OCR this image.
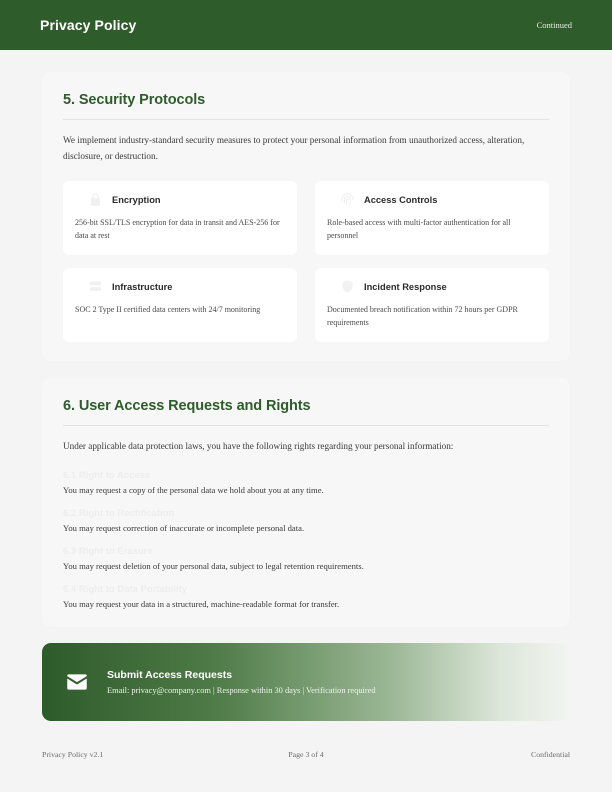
Privacy Policy	Continued
5. Security Protocols
We implement industry-standard security measures to protect your personal information from unauthorized access, alteration, disclosure, or destruction.
Encryption
256-bit SSL/TLS encryption for data in transit and AES-256 for data at rest
Access Controls
Role-based access with multi-factor authentication for all personnel
Infrastructure
SOC 2 Type II certified data centers with 24/7 monitoring
Incident Response
Documented breach notification within 72 hours per GDPR requirements
6. User Access Requests and Rights
Under applicable data protection laws, you have the following rights regarding your personal information:
6.1 Right to Access
You may request a copy of the personal data we hold about you at any time.
6.2 Right to Rectification
You may request correction of inaccurate or incomplete personal data.
6.3 Right to Erasure
You may request deletion of your personal data, subject to legal retention requirements.
6.4 Right to Data Portability
You may request your data in a structured, machine-readable format for transfer.
Submit Access Requests
Email: privacy@company.com | Response within 30 days | Verification required
Privacy Policy v2.1	Page 3 of 4	Confidential
